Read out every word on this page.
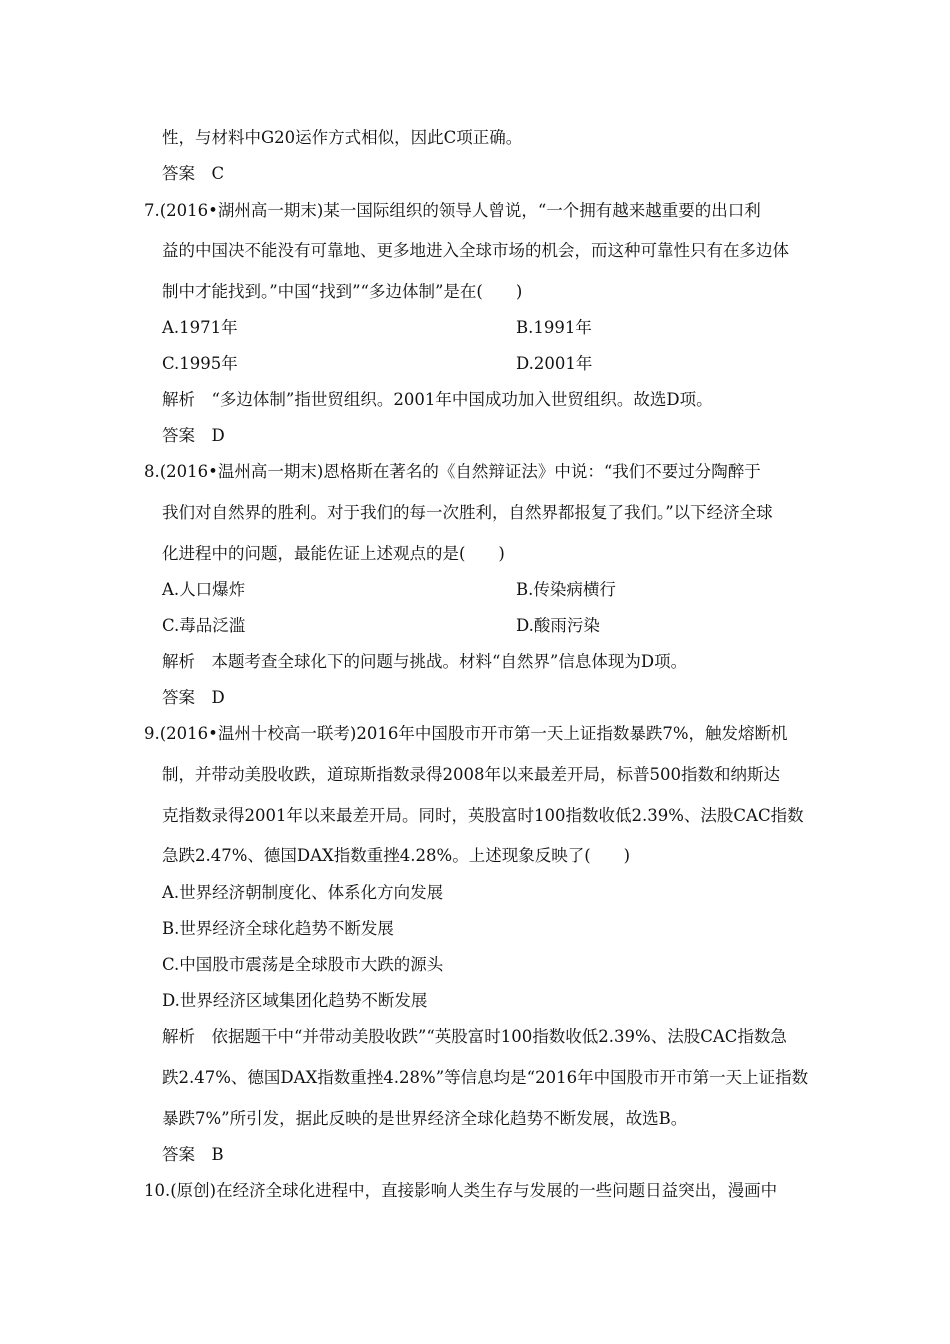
性，与材料中G20运作方式相似，因此C项正确。
答案　C
7.(2016•湖州高一期末)某一国际组织的领导人曾说，“一个拥有越来越重要的出口利
益的中国决不能没有可靠地、更多地进入全球市场的机会，而这种可靠性只有在多边体
制中才能找到。”中国“找到”“多边体制”是在(　　)
A.1971年	B.1991年
C.1995年	D.2001年
解析　“多边体制”指世贸组织。2001年中国成功加入世贸组织。故选D项。
答案　D
8.(2016•温州高一期末)恩格斯在著名的《自然辩证法》中说：“我们不要过分陶醉于
我们对自然界的胜利。对于我们的每一次胜利，自然界都报复了我们。”以下经济全球
化进程中的问题，最能佐证上述观点的是(　　)
A.人口爆炸	B.传染病横行
C.毒品泛滥	D.酸雨污染
解析　本题考查全球化下的问题与挑战。材料“自然界”信息体现为D项。
答案　D
9.(2016•温州十校高一联考)2016年中国股市开市第一天上证指数暴跌7%，触发熔断机
制，并带动美股收跌，道琼斯指数录得2008年以来最差开局，标普500指数和纳斯达
克指数录得2001年以来最差开局。同时，英股富时100指数收低2.39%、法股CAC指数
急跌2.47%、德国DAX指数重挫4.28%。上述现象反映了(　　)
A.世界经济朝制度化、体系化方向发展
B.世界经济全球化趋势不断发展
C.中国股市震荡是全球股市大跌的源头
D.世界经济区域集团化趋势不断发展
解析　依据题干中“并带动美股收跌”“英股富时100指数收低2.39%、法股CAC指数急
跌2.47%、德国DAX指数重挫4.28%”等信息均是“2016年中国股市开市第一天上证指数
暴跌7%”所引发，据此反映的是世界经济全球化趋势不断发展，故选B。
答案　B
10.(原创)在经济全球化进程中，直接影响人类生存与发展的一些问题日益突出，漫画中
